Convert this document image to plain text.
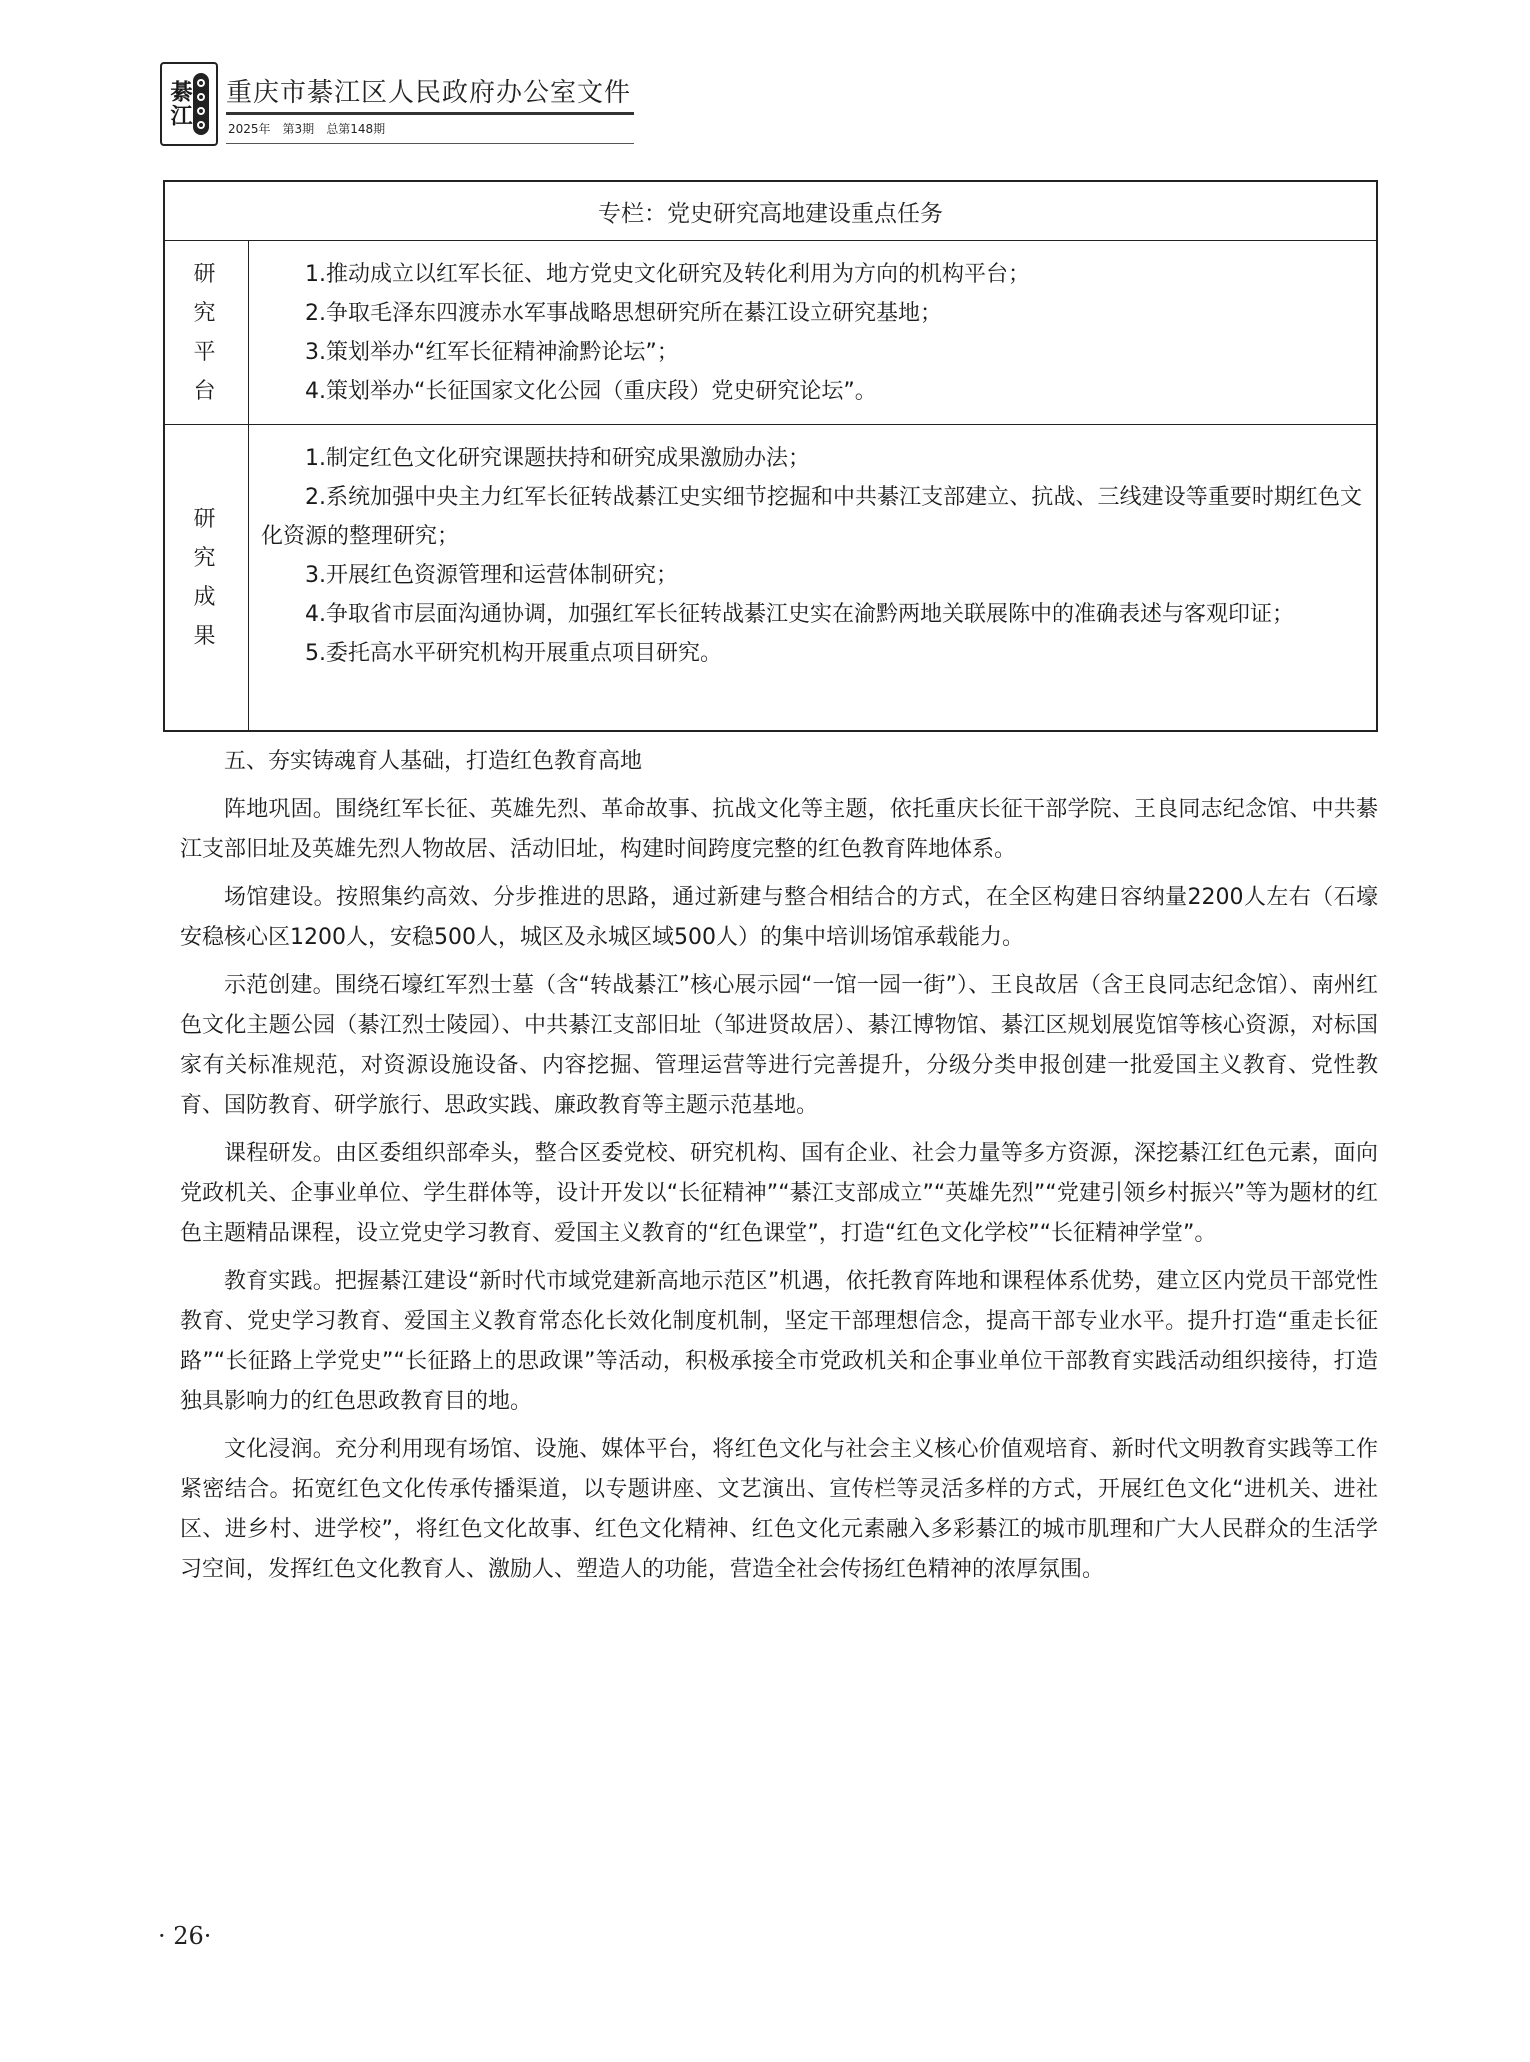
綦江 重庆市綦江区人民政府办公室文件
2025年 第3期 总第148期
专栏：党史研究高地建设重点任务
研究平台

1.推动成立以红军长征、地方党史文化研究及转化利用为方向的机构平台；

2.争取毛泽东四渡赤水军事战略思想研究所在綦江设立研究基地；

3.策划举办“红军长征精神渝黔论坛”；

4.策划举办“长征国家文化公园（重庆段）党史研究论坛”。

研究成果

1.制定红色文化研究课题扶持和研究成果激励办法；

2.系统加强中央主力红军长征转战綦江史实细节挖掘和中共綦江支部建立、抗战、三线建设等重要时期红色文化资源的整理研究；

3.开展红色资源管理和运营体制研究；

4.争取省市层面沟通协调，加强红军长征转战綦江史实在渝黔两地关联展陈中的准确表述与客观印证；

5.委托高水平研究机构开展重点项目研究。

五、夯实铸魂育人基础，打造红色教育高地

阵地巩固。围绕红军长征、英雄先烈、革命故事、抗战文化等主题，依托重庆长征干部学院、王良同志纪念馆、中共綦江支部旧址及英雄先烈人物故居、活动旧址，构建时间跨度完整的红色教育阵地体系。

场馆建设。按照集约高效、分步推进的思路，通过新建与整合相结合的方式，在全区构建日容纳量2200人左右（石壕安稳核心区1200人，安稳500人，城区及永城区域500人）的集中培训场馆承载能力。

示范创建。围绕石壕红军烈士墓（含“转战綦江”核心展示园“一馆一园一街”）、王良故居（含王良同志纪念馆）、南州红色文化主题公园（綦江烈士陵园）、中共綦江支部旧址（邹进贤故居）、綦江博物馆、綦江区规划展览馆等核心资源，对标国家有关标准规范，对资源设施设备、内容挖掘、管理运营等进行完善提升，分级分类申报创建一批爱国主义教育、党性教育、国防教育、研学旅行、思政实践、廉政教育等主题示范基地。

课程研发。由区委组织部牵头，整合区委党校、研究机构、国有企业、社会力量等多方资源，深挖綦江红色元素，面向党政机关、企事业单位、学生群体等，设计开发以“长征精神”“綦江支部成立”“英雄先烈”“党建引领乡村振兴”等为题材的红色主题精品课程，设立党史学习教育、爱国主义教育的“红色课堂”，打造“红色文化学校”“长征精神学堂”。

教育实践。把握綦江建设“新时代市域党建新高地示范区”机遇，依托教育阵地和课程体系优势，建立区内党员干部党性教育、党史学习教育、爱国主义教育常态化长效化制度机制，坚定干部理想信念，提高干部专业水平。提升打造“重走长征路”“长征路上学党史”“长征路上的思政课”等活动，积极承接全市党政机关和企事业单位干部教育实践活动组织接待，打造独具影响力的红色思政教育目的地。

文化浸润。充分利用现有场馆、设施、媒体平台，将红色文化与社会主义核心价值观培育、新时代文明教育实践等工作紧密结合。拓宽红色文化传承传播渠道，以专题讲座、文艺演出、宣传栏等灵活多样的方式，开展红色文化“进机关、进社区、进乡村、进学校”，将红色文化故事、红色文化精神、红色文化元素融入多彩綦江的城市肌理和广大人民群众的生活学习空间，发挥红色文化教育人、激励人、塑造人的功能，营造全社会传扬红色精神的浓厚氛围。

· 26·
